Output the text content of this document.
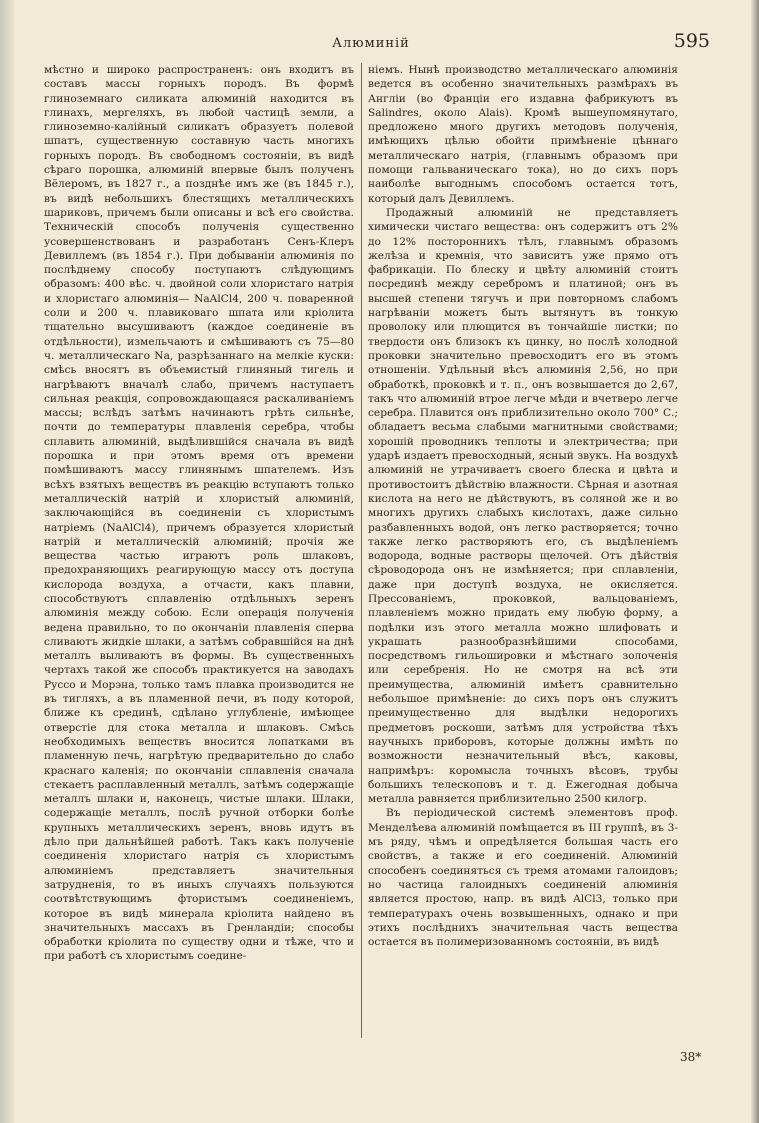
Алюминiй	595

мѣстно и широко распространенъ: онъ входитъ въ составъ массы горныхъ породъ. Въ формѣ глиноземнаго силиката алюминiй находится въ глинахъ, мергеляхъ, въ любой частицѣ земли, а глиноземно-калiйный силикатъ образуетъ полевой шпатъ, существенную составную часть многихъ горныхъ породъ. Въ свободномъ состоянiи, въ видѣ сѣраго порошка, алюминiй впервые былъ полученъ Вёлеромъ, въ 1827 г., а позднѣе имъ же (въ 1845 г.), въ видѣ небольшихъ блестящихъ металлическихъ шариковъ, причемъ были описаны и всѣ его свойства. Техническiй способъ полученiя существенно усовершенствованъ и разработанъ Сенъ-Клеръ Девиллемъ (въ 1854 г.). При добыванiи алюминiя по послѣднему способу поступаютъ слѣдующимъ образомъ: 400 вѣс. ч. двойной соли хлористаго натрiя и хлористаго алюминiя— NaAlCl4, 200 ч. поваренной соли и 200 ч. плавиковаго шпата или крiолита тщательно высушиваютъ (каждое соединенiе въ отдѣльности), измельчаютъ и смѣшиваютъ съ 75—80 ч. металлическаго Na, разрѣзаннаго на мелкiе куски: смѣсь вносятъ въ объемистый глиняный тигель и нагрѣваютъ вначалѣ слабо, причемъ наступаетъ сильная реакцiя, сопровождающаяся раскаливанiемъ массы; вслѣдъ затѣмъ начинаютъ грѣть сильнѣе, почти до температуры плавленiя серебра, чтобы сплавить алюминiй, выдѣлившiйся сначала въ видѣ порошка и при этомъ время отъ времени помѣшиваютъ массу глинянымъ шпателемъ. Изъ всѣхъ взятыхъ веществъ въ реакцiю вступаютъ только металлическiй натрiй и хлористый алюминiй, заключающiйся въ соединенiи съ хлористымъ натрiемъ (NaAlCl4), причемъ образуется хлористый натрiй и металлическiй алюминiй; прочiя же вещества частью играютъ роль шлаковъ, предохраняющихъ реагирующую массу отъ доступа кислорода воздуха, а отчасти, какъ плавни, способствуютъ сплавленiю отдѣльныхъ зеренъ алюминiя между собою. Если операцiя полученiя ведена правильно, то по окончанiи плавленiя сперва сливаютъ жидкiе шлаки, а затѣмъ собравшiйся на днѣ металлъ выливаютъ въ формы. Въ существенныхъ чертахъ такой же способъ практикуется на заводахъ Руссо и Морэна, только тамъ плавка производится не въ тигляхъ, а въ пламенной печи, въ поду которой, ближе къ срединѣ, сдѣлано углубленiе, имѣющее отверстiе для стока металла и шлаковъ. Смѣсь необходимыхъ веществъ вносится лопатками въ пламенную печь, нагрѣтую предварительно до слабо краснаго каленiя; по окончанiи сплавленiя сначала стекаетъ расплавленный металлъ, затѣмъ содержащiе металлъ шлаки и, наконецъ, чистые шлаки. Шлаки, содержащiе металлъ, послѣ ручной отборки болѣе крупныхъ металлическихъ зеренъ, вновь идутъ въ дѣло при дальнѣйшей работѣ. Такъ какъ полученiе соединенiя хлористаго натрiя съ хлористымъ алюминiемъ представляетъ значительныя затрудненiя, то въ иныхъ случаяхъ пользуются соотвѣтствующимъ фтористымъ соединенiемъ, которое въ видѣ минерала крiолита найдено въ значительныхъ массахъ въ Гренландiи; способы обработки крiолита по существу одни и тѣже, что и при работѣ съ хлористымъ соедине-

нiемъ. Нынѣ производство металлическаго алюминiя ведется въ особенно значительныхъ размѣрахъ въ Англiи (во Францiи его издавна фабрикуютъ въ Salindres, около Alais). Кромѣ вышеупомянутаго, предложено много другихъ методовъ полученiя, имѣющихъ цѣлью обойти примѣненiе цѣннаго металлическаго натрiя, (главнымъ образомъ при помощи гальваническаго тока), но до сихъ поръ наиболѣе выгоднымъ способомъ остается тотъ, который далъ Девиллемъ.

Продажный алюминiй не представляетъ химически чистаго вещества: онъ содержитъ отъ 2% до 12% постороннихъ тѣлъ, главнымъ образомъ желѣза и кремнiя, что зависитъ уже прямо отъ фабрикацiи. По блеску и цвѣту алюминiй стоитъ посрединѣ между серебромъ и платиной; онъ въ высшей степени тягучъ и при повторномъ слабомъ нагрѣванiи можетъ быть вытянутъ въ тонкую проволоку или плющится въ тончайшiе листки; по твердости онъ близокъ къ цинку, но послѣ холодной проковки значительно превосходитъ его въ этомъ отношенiи. Удѣльный вѣсъ алюминiя 2,56, но при обработкѣ, проковкѣ и т. п., онъ возвышается до 2,67, такъ что алюминiй втрое легче мѣди и вчетверо легче серебра. Плавится онъ приблизительно около 700° С.; обладаетъ весьма слабыми магнитными свойствами; хорошiй проводникъ теплоты и электричества; при ударѣ издаетъ превосходный, ясный звукъ. На воздухѣ алюминiй не утрачиваетъ своего блеска и цвѣта и противостоитъ дѣйствiю влажности. Сѣрная и азотная кислота на него не дѣйствуютъ, въ соляной же и во многихъ другихъ слабыхъ кислотахъ, даже сильно разбавленныхъ водой, онъ легко растворяется; точно также легко растворяютъ его, съ выдѣленiемъ водорода, водные растворы щелочей. Отъ дѣйствiя сѣроводорода онъ не измѣняется; при сплавленiи, даже при доступѣ воздуха, не окисляется. Прессованiемъ, проковкой, вальцованiемъ, плавленiемъ можно придать ему любую форму, а подѣлки изъ этого металла можно шлифовать и украшать разнообразнѣйшими способами, посредствомъ гильошировки и мѣстнаго золоченiя или серебренiя. Но не смотря на всѣ эти преимущества, алюминiй имѣетъ сравнительно небольшое примѣненiе: до сихъ поръ онъ служитъ преимущественно для выдѣлки недорогихъ предметовъ роскоши, затѣмъ для устройства тѣхъ научныхъ приборовъ, которые должны имѣть по возможности незначительный вѣсъ, каковы, напримѣръ: коромысла точныхъ вѣсовъ, трубы большихъ телескоповъ и т. д. Ежегодная добыча металла равняется приблизительно 2500 килогр.

Въ перiодической системѣ элементовъ проф. Менделѣева алюминiй помѣщается въ III группѣ, въ 3-мъ ряду, чѣмъ и опредѣляется большая часть его свойствъ, а также и его соединенiй. Алюминiй способенъ соединяться съ тремя атомами галоидовъ; но частица галоидныхъ соединенiй алюминiя является простою, напр. въ видѣ AlCl3, только при температурахъ очень возвышенныхъ, однако и при этихъ послѣднихъ значительная часть вещества остается въ полимеризованномъ состоянiи, въ видѣ

38*
